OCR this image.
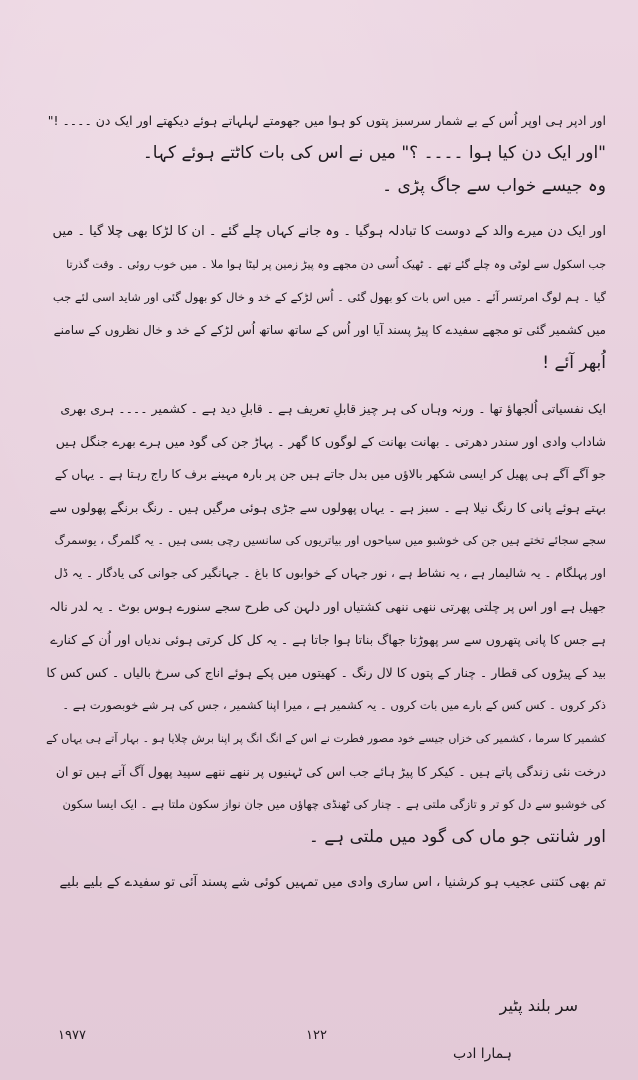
اور ادپر ہی اوپر اُس کے بے شمار سرسبز پتوں کو ہوا میں جھومتے لہلہاتے ہوئے دیکھتے اور ایک دن ۔۔۔۔ !"
"اور ایک دن کیا ہوا ۔۔۔۔ ؟" میں نے اس کی بات کاٹتے ہوئے کہا۔
وہ جیسے خواب سے جاگ پڑی ۔
اور ایک دن میرے والد کے دوست کا تبادلہ ہوگیا ۔ وہ جانے کہاں چلے گئے ۔ ان کا لڑکا بھی چلا گیا ۔ میں
جب اسکول سے لوٹی وہ چلے گئے تھے ۔ ٹھیک اُسی دن مجھے وہ پیڑ زمین پر لیٹا ہوا ملا ۔ میں خوب روئی ۔ وقت گذرتا
گیا ۔ ہم لوگ امرتسر آئے ۔ میں اس بات کو بھول گئی ۔ اُس لڑکے کے خد و خال کو بھول گئی اور شاید اسی لئے جب
میں کشمیر گئی تو مجھے سفیدے کا پیڑ پسند آیا اور اُس کے ساتھ ساتھ اُس لڑکے کے خد و خال نظروں کے سامنے
اُبھر آئے !
ایک نفسیاتی اُلجھاؤ تھا ۔ ورنہ وہاں کی ہر چیز قابلِ تعریف ہے ۔ قابلِ دید ہے ۔ کشمیر ۔۔۔۔ ہری بھری
شاداب وادی اور سندر دھرتی ۔ بھانت بھانت کے لوگوں کا گھر ۔ پہاڑ جن کی گود میں ہرے بھرے جنگل ہیں
جو آگے آگے ہی پھیل کر ایسی شکھر بالاؤں میں بدل جاتے ہیں جن پر بارہ مہینے برف کا راج رہتا ہے ۔ یہاں کے
بہتے ہوئے پانی کا رنگ نیلا ہے ۔ سبز ہے ۔ یہاں پھولوں سے جڑی ہوئی مرگیں ہیں ۔ رنگ برنگے پھولوں سے
سجے سجائے تختے ہیں جن کی خوشبو میں سیاحوں اور بیاتریوں کی سانسیں رچی بسی ہیں ۔ یہ گلمرگ ، یوسمرگ
اور پہلگام ۔ یہ شالیمار ہے ، یہ نشاط ہے ، نور جہاں کے خوابوں کا باغ ۔ جہانگیر کی جوانی کی یادگار ۔ یہ ڈل
جھیل ہے اور اس پر چلتی پھرتی ننھی ننھی کشتیاں اور دلہن کی طرح سجے سنورے ہوس بوٹ ۔ یہ لدر نالہ
ہے جس کا پانی پتھروں سے سر پھوڑتا جھاگ بناتا ہوا جاتا ہے ۔ یہ کل کل کرتی ہوئی ندیاں اور اُن کے کنارے
بید کے پیڑوں کی قطار ۔ چنار کے پتوں کا لال رنگ ۔ کھیتوں میں پکے ہوئے اناج کی سرخ بالیاں ۔ کس کس کا
ذکر کروں ۔ کس کس کے بارے میں بات کروں ۔ یہ کشمیر ہے ، میرا اپنا کشمیر ، جس کی ہر شے خوبصورت ہے ۔
کشمیر کا سرما ، کشمیر کی خزاں جیسے خود مصور فطرت نے اس کے انگ انگ پر اپنا برش چلایا ہو ۔ بہار آتے ہی یہاں کے
درخت نئی زندگی پاتے ہیں ۔ کیکر کا پیڑ ہائے جب اس کی ٹہنیوں پر ننھے ننھے سپید پھول آگ آتے ہیں تو ان
کی خوشبو سے دل کو تر و تازگی ملتی ہے ۔ چنار کی ٹھنڈی چھاؤں میں جان نواز سکون ملتا ہے ۔ ایک ایسا سکون
اور شانتی جو ماں کی گود میں ملتی ہے ۔
تم بھی کتنی عجیب ہو کرشنیا ، اس ساری وادی میں تمہیں کوئی شے پسند آئی تو سفیدے کے بلیے بلیے
سر بلند پٹیر
١٩٧٧	١٢٢
ہمارا ادب
